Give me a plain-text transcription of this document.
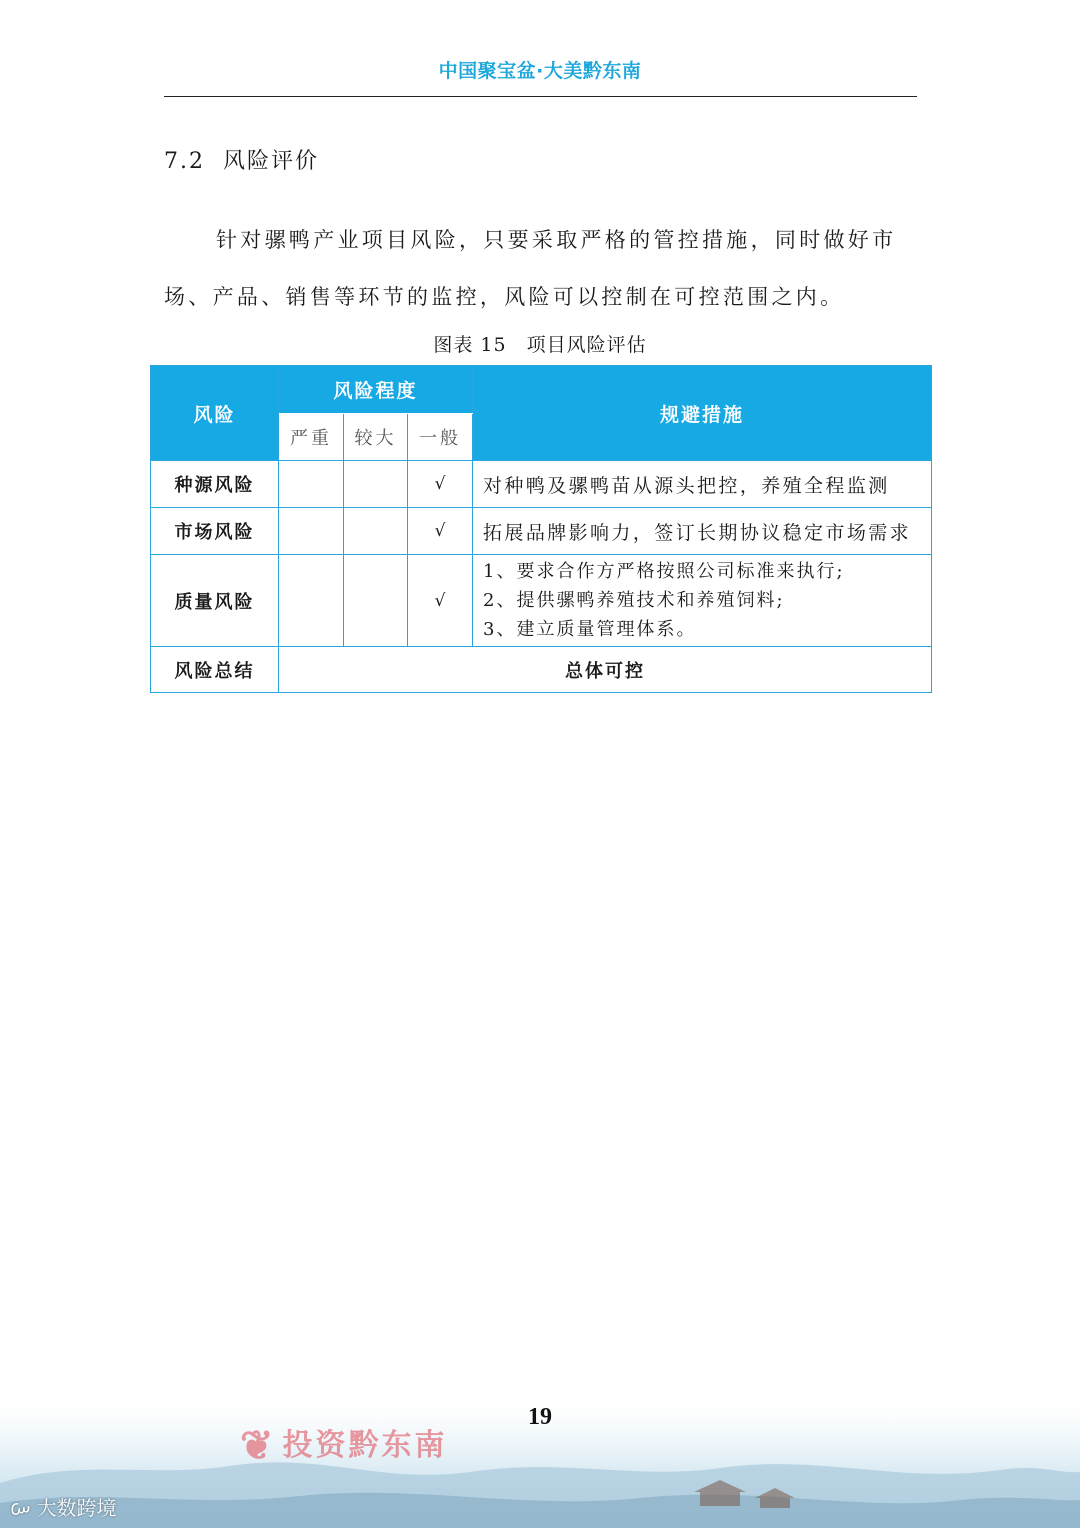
中国聚宝盆·大美黔东南
7.2 风险评价
针对骡鸭产业项目风险，只要采取严格的管控措施，同时做好市场、产品、销售等环节的监控，风险可以控制在可控范围之内。
图表 15　项目风险评估
风险	风险程度			规避措施
	严重	较大	一般	
种源风险			√	对种鸭及骡鸭苗从源头把控，养殖全程监测
市场风险			√	拓展品牌影响力，签订长期协议稳定市场需求
质量风险			√	1、要求合作方严格按照公司标准来执行;
2、提供骡鸭养殖技术和养殖饲料;
3、建立质量管理体系。

风险总结	总体可控			
19
❦ 投资黔东南
ᰠ 大数跨境
